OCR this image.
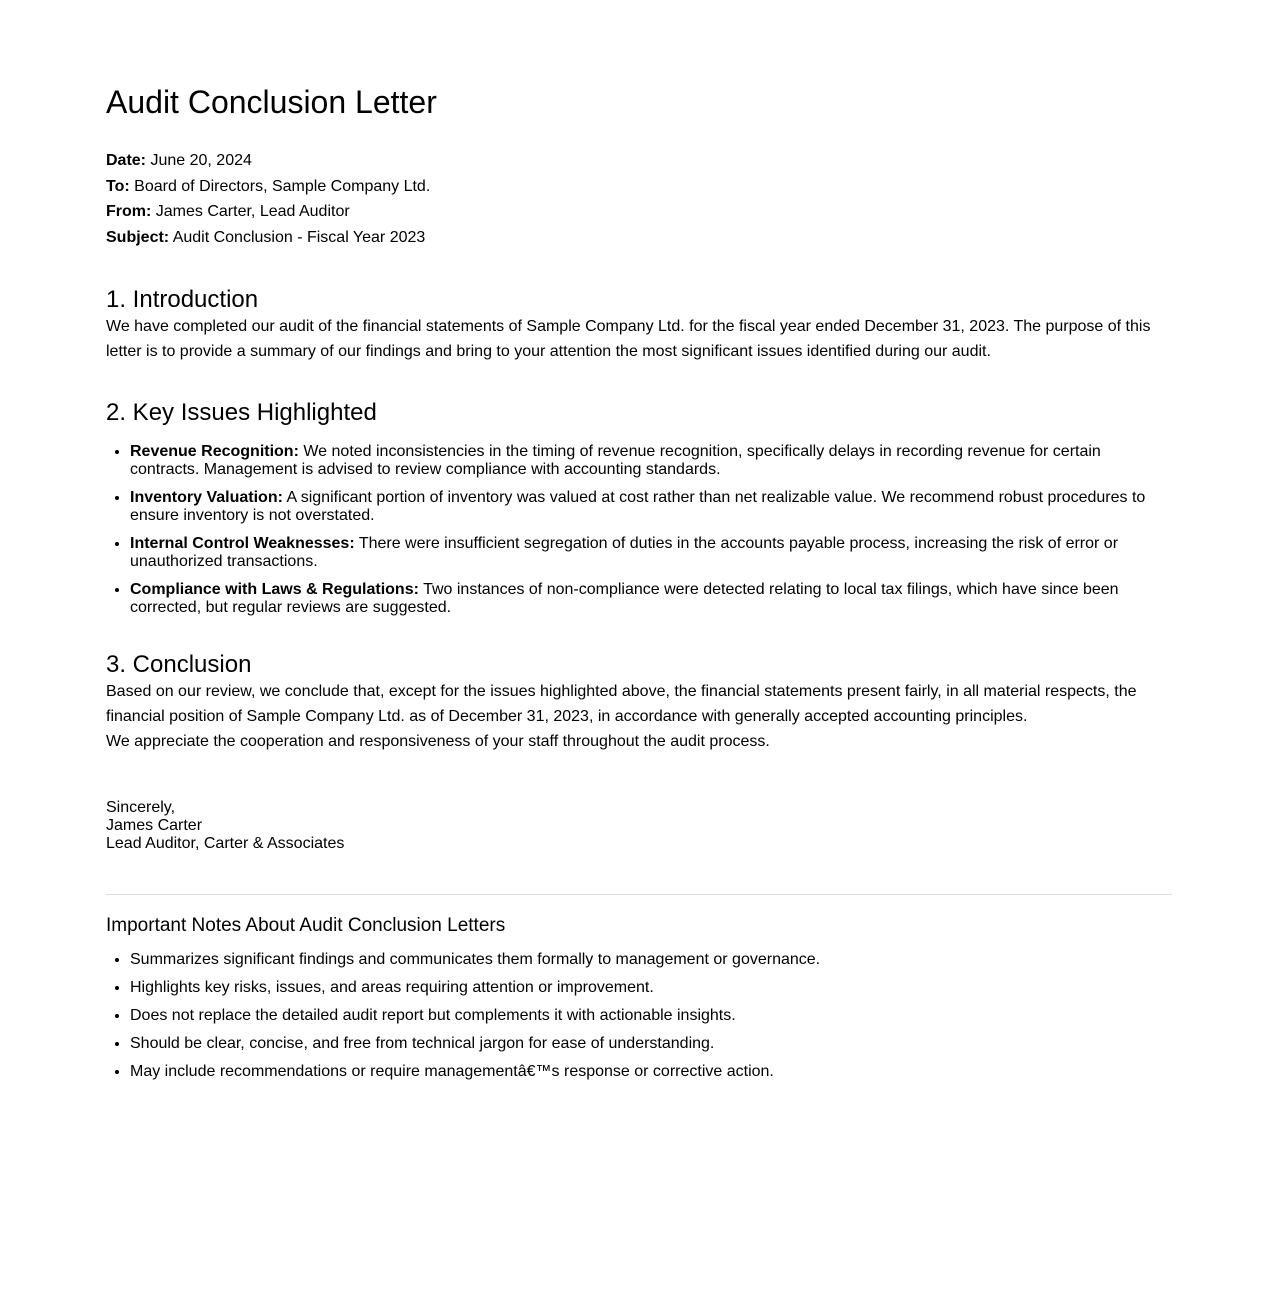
Audit Conclusion Letter
Date: June 20, 2024
To: Board of Directors, Sample Company Ltd.
From: James Carter, Lead Auditor
Subject: Audit Conclusion - Fiscal Year 2023
1. Introduction

We have completed our audit of the financial statements of Sample Company Ltd. for the fiscal year ended December 31, 2023. The purpose of this letter is to provide a summary of our findings and bring to your attention the most significant issues identified during our audit.

2. Key Issues Highlighted
• Revenue Recognition: We noted inconsistencies in the timing of revenue recognition, specifically delays in recording revenue for certain contracts. Management is advised to review compliance with accounting standards.
• Inventory Valuation: A significant portion of inventory was valued at cost rather than net realizable value. We recommend robust procedures to ensure inventory is not overstated.
• Internal Control Weaknesses: There were insufficient segregation of duties in the accounts payable process, increasing the risk of error or unauthorized transactions.
• Compliance with Laws & Regulations: Two instances of non-compliance were detected relating to local tax filings, which have since been corrected, but regular reviews are suggested.
3. Conclusion

Based on our review, we conclude that, except for the issues highlighted above, the financial statements present fairly, in all material respects, the financial position of Sample Company Ltd. as of December 31, 2023, in accordance with generally accepted accounting principles.

We appreciate the cooperation and responsiveness of your staff throughout the audit process.

Sincerely,
James Carter
Lead Auditor, Carter & Associates
Important Notes About Audit Conclusion Letters
• Summarizes significant findings and communicates them formally to management or governance.
• Highlights key risks, issues, and areas requiring attention or improvement.
• Does not replace the detailed audit report but complements it with actionable insights.
• Should be clear, concise, and free from technical jargon for ease of understanding.
• May include recommendations or require managementâ€™s response or corrective action.
